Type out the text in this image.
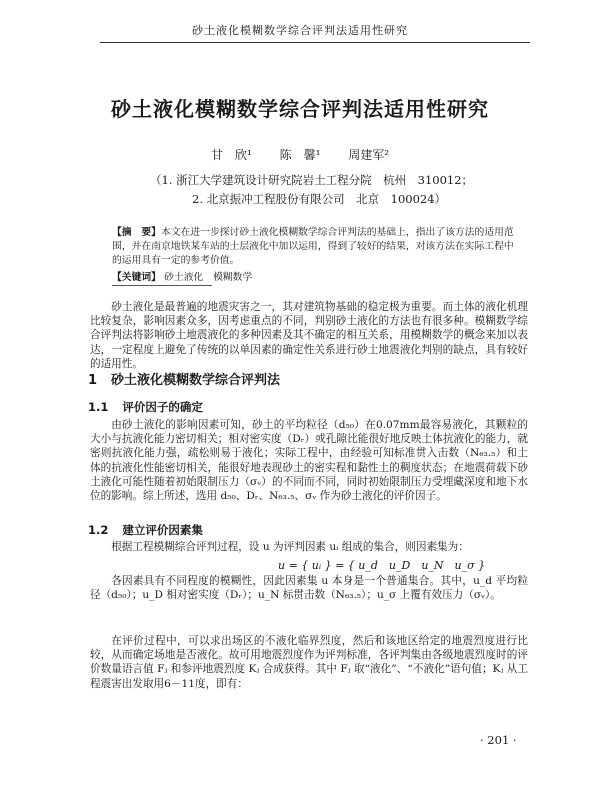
砂土液化模糊数学综合评判法适用性研究
砂土液化模糊数学综合评判法适用性研究
甘　欣¹ 陈　馨¹ 周建军²
（1. 浙江大学建筑设计研究院岩土工程分院　杭州　310012；
2. 北京振冲工程股份有限公司　北京　100024）
【摘　要】本文在进一步探讨砂土液化模糊数学综合评判法的基础上，指出了该方法的适用范围，并在南京地铁某车站的土层液化中加以运用，得到了较好的结果，对该方法在实际工程中的运用具有一定的参考价值。
【关键词】 砂土液化　模糊数学
砂土液化是最普遍的地震灾害之一，其对建筑物基础的稳定极为重要。而土体的液化机理比较复杂，影响因素众多，因考虑重点的不同，判别砂土液化的方法也有很多种。模糊数学综合评判法将影响砂土地震液化的多种因素及其不确定的相互关系，用模糊数学的概念来加以表达，一定程度上避免了传统的以单因素的确定性关系进行砂土地震液化判别的缺点，具有较好的适用性。
1 砂土液化模糊数学综合评判法
1.1 评价因子的确定
由砂土液化的影响因素可知，砂土的平均粒径（d₅₀）在0.07mm最容易液化，其颗粒的大小与抗液化能力密切相关；相对密实度（Dᵣ）或孔隙比能很好地反映土体抗液化的能力，就密则抗液化能力强，疏松则易于液化；实际工程中，由经验可知标准贯入击数（N₆₃.₅）和土体的抗液化性能密切相关，能很好地表现砂土的密实程和黏性土的稠度状态；在地震荷载下砂土液化可能性随着初始限制压力（σᵥ）的不同而不同，同时初始限制压力受埋藏深度和地下水位的影响。综上所述，选用 d₅₀、Dᵣ、N₆₃.₅、σᵥ 作为砂土液化的评价因子。
1.2 建立评价因素集
根据工程模糊综合评判过程，设 u 为评判因素 uᵢ 组成的集合，则因素集为：
u = { uᵢ } = { u_d　u_D　u_N　u_σ }
各因素具有不同程度的模糊性，因此因素集 u 本身是一个普通集合。其中，u_d 平均粒径（d₅₀）；u_D 相对密实度（Dᵣ）；u_N 标贯击数（N₆₃.₅）；u_σ 上覆有效压力（σᵥ）。
在评价过程中，可以求出场区的不液化临界烈度，然后和该地区给定的地震烈度进行比较，从而确定场地是否液化。故可用地震烈度作为评判标准，各评判集由各级地震烈度时的评价数量语言值 Fⱼ 和参评地震烈度 Kⱼ 合成获得。其中 Fⱼ 取“液化”、“不液化”语句值；Kⱼ 从工程震害出发取用6－11度，即有：
· 201 ·
